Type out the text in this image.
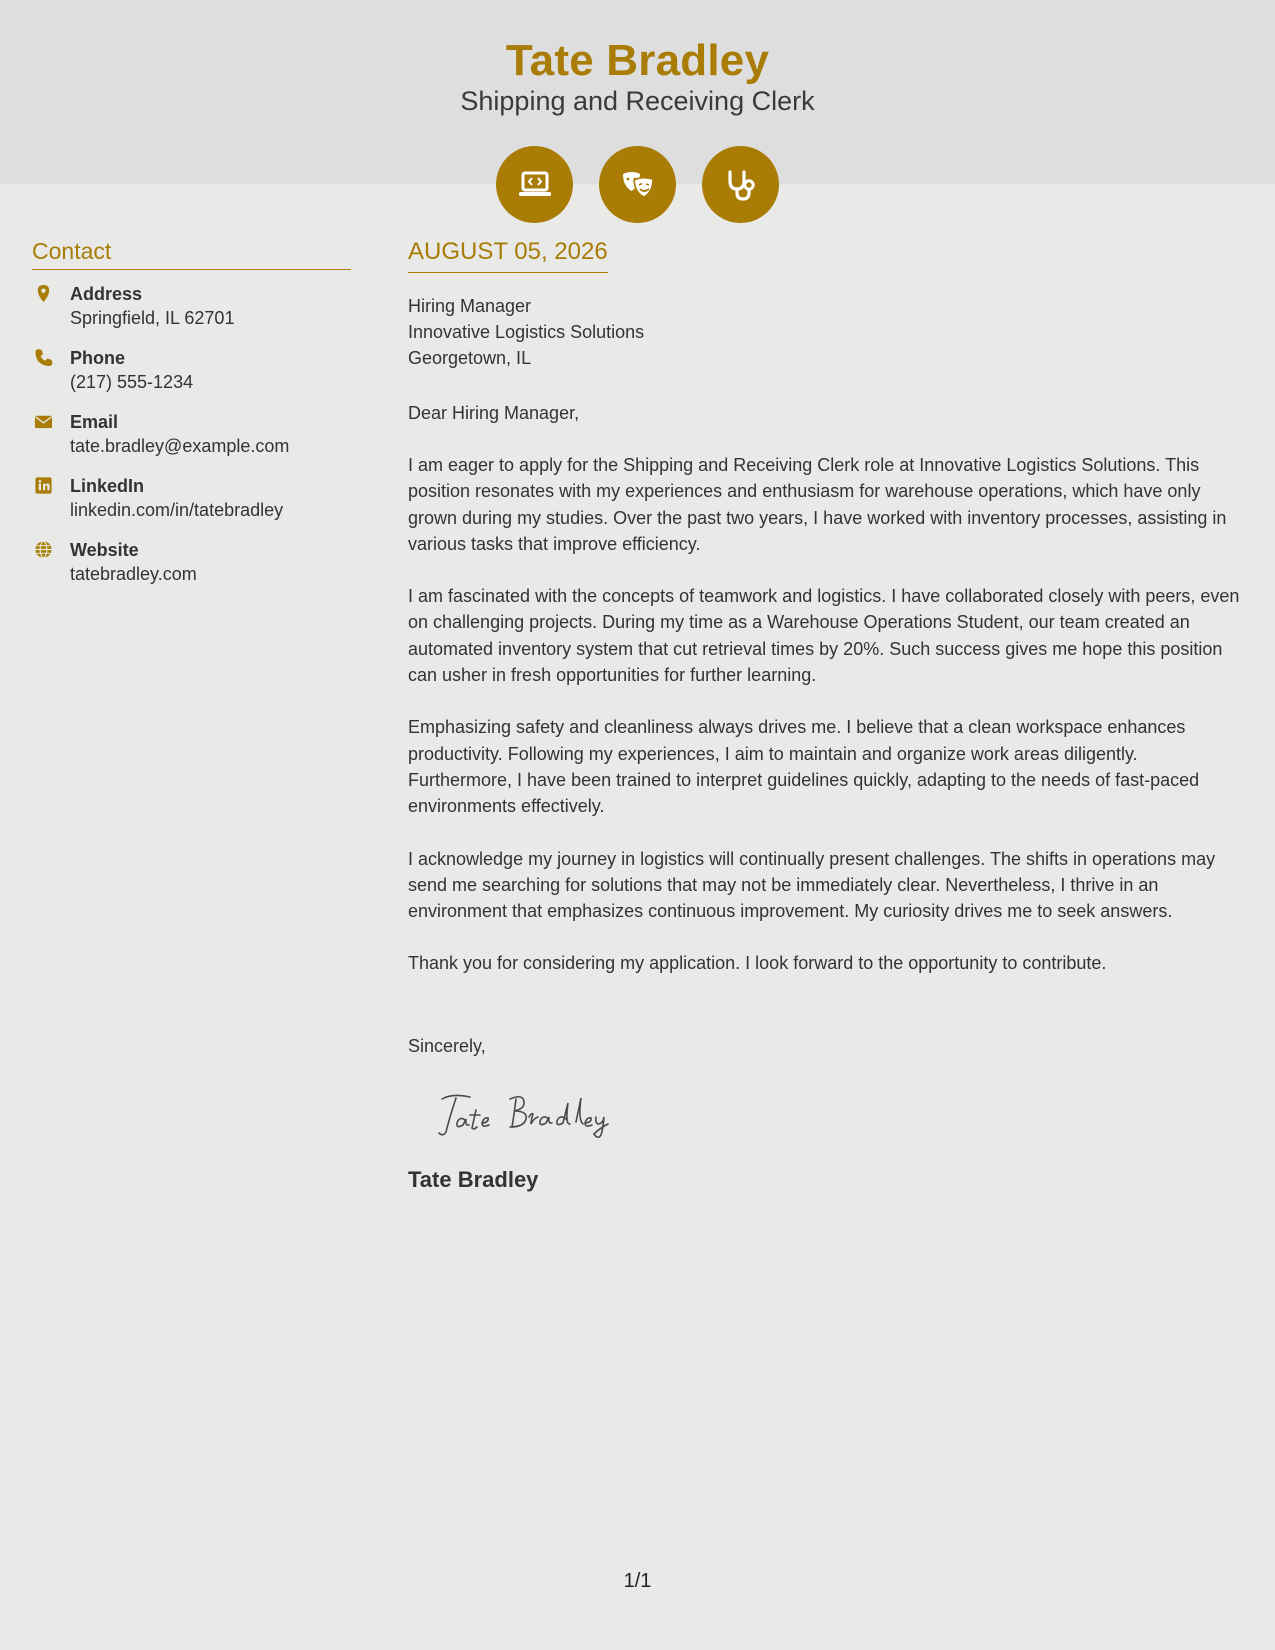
Tate Bradley
Shipping and Receiving Clerk
Contact
Address
Springfield, IL 62701
Phone
(217) 555-1234
Email
tate.bradley@example.com
LinkedIn
linkedin.com/in/tatebradley
Website
tatebradley.com
AUGUST 05, 2026
Hiring Manager
Innovative Logistics Solutions
Georgetown, IL
Dear Hiring Manager,

I am eager to apply for the Shipping and Receiving Clerk role at Innovative Logistics Solutions. This position resonates with my experiences and enthusiasm for warehouse operations, which have only grown during my studies. Over the past two years, I have worked with inventory processes, assisting in various tasks that improve efficiency.

I am fascinated with the concepts of teamwork and logistics. I have collaborated closely with peers, even on challenging projects. During my time as a Warehouse Operations Student, our team created an automated inventory system that cut retrieval times by 20%. Such success gives me hope this position can usher in fresh opportunities for further learning.

Emphasizing safety and cleanliness always drives me. I believe that a clean workspace enhances productivity. Following my experiences, I aim to maintain and organize work areas diligently. Furthermore, I have been trained to interpret guidelines quickly, adapting to the needs of fast-paced environments effectively.

I acknowledge my journey in logistics will continually present challenges. The shifts in operations may send me searching for solutions that may not be immediately clear. Nevertheless, I thrive in an environment that emphasizes continuous improvement. My curiosity drives me to seek answers.

Thank you for considering my application. I look forward to the opportunity to contribute.

Sincerely,
Tate Bradley
1/1
